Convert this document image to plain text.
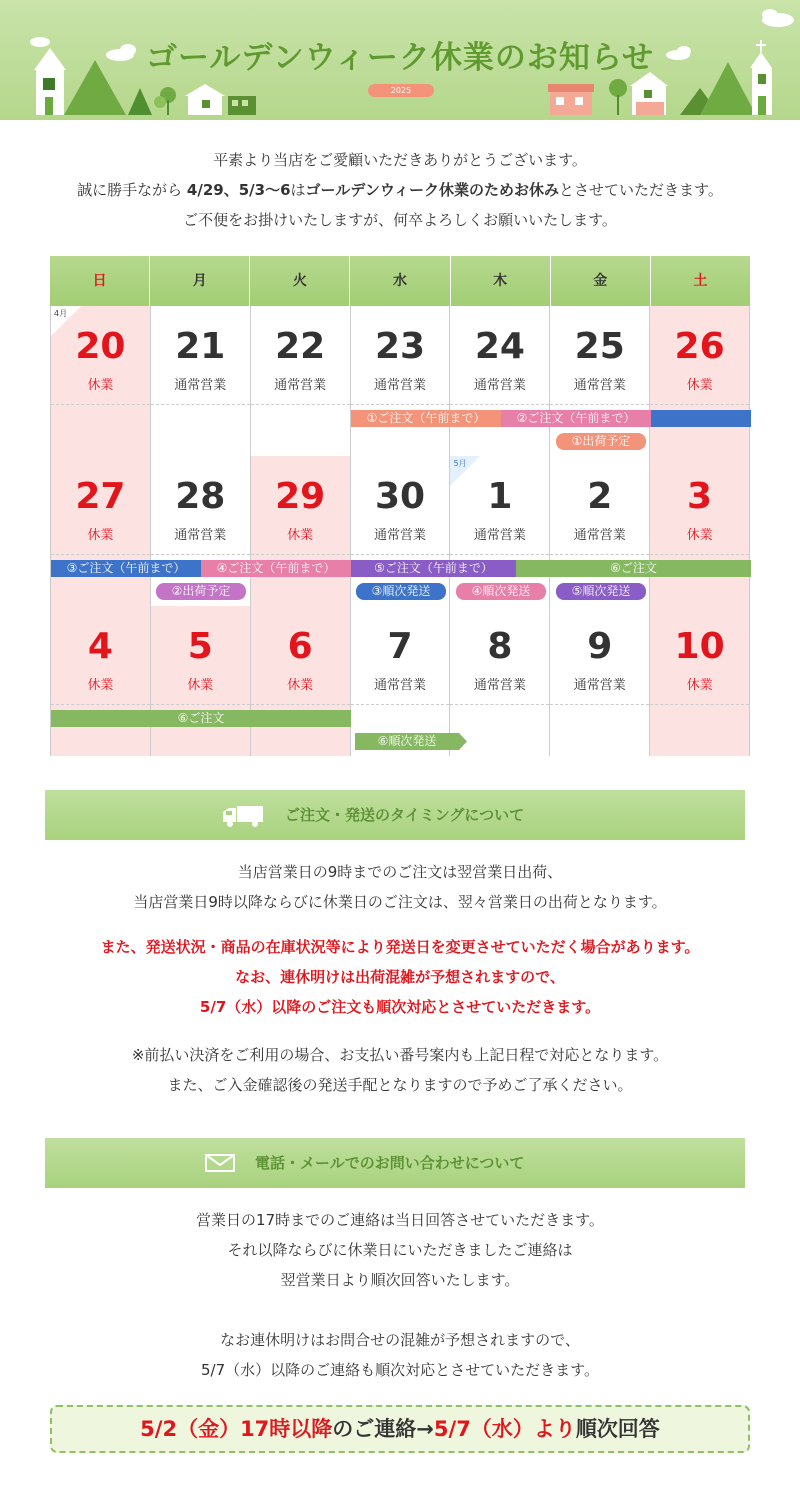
ゴールデンウィーク休業のお知らせ
2025
平素より当店をご愛顧いただきありがとうございます。
誠に勝手ながら 4/29、5/3〜6はゴールデンウィーク休業のためお休みとさせていただきます。
ご不便をお掛けいたしますが、何卒よろしくお願いいたします。
日	月	火	水	木	金	土
4月
20
休業
21
通常営業
22
通常営業
23
通常営業
24
通常営業
25
通常営業
26
休業
①ご注文（午前まで）	②ご注文（午前まで）
①出荷予定
27
休業
28
通常営業
29
休業
30
通常営業
5月
1
通常営業
2
通常営業
3
休業
③ご注文（午前まで）	④ご注文（午前まで）	⑤ご注文（午前まで）	⑥ご注文
②出荷予定	③順次発送	④順次発送	⑤順次発送
4
休業
5
休業
6
休業
7
通常営業
8
通常営業
9
通常営業
10
休業
⑥ご注文
⑥順次発送
ご注文・発送のタイミングについて
当店営業日の9時までのご注文は翌営業日出荷、
当店営業日9時以降ならびに休業日のご注文は、翌々営業日の出荷となります。
また、発送状況・商品の在庫状況等により発送日を変更させていただく場合があります。
なお、連休明けは出荷混雑が予想されますので、
5/7（水）以降のご注文も順次対応とさせていただきます。
※前払い決済をご利用の場合、お支払い番号案内も上記日程で対応となります。
また、ご入金確認後の発送手配となりますので予めご了承ください。
電話・メールでのお問い合わせについて
営業日の17時までのご連絡は当日回答させていただきます。
それ以降ならびに休業日にいただきましたご連絡は
翌営業日より順次回答いたします。
なお連休明けはお問合せの混雑が予想されますので、
5/7（水）以降のご連絡も順次対応とさせていただきます。
5/2（金）17時以降のご連絡→5/7（水）より順次回答
